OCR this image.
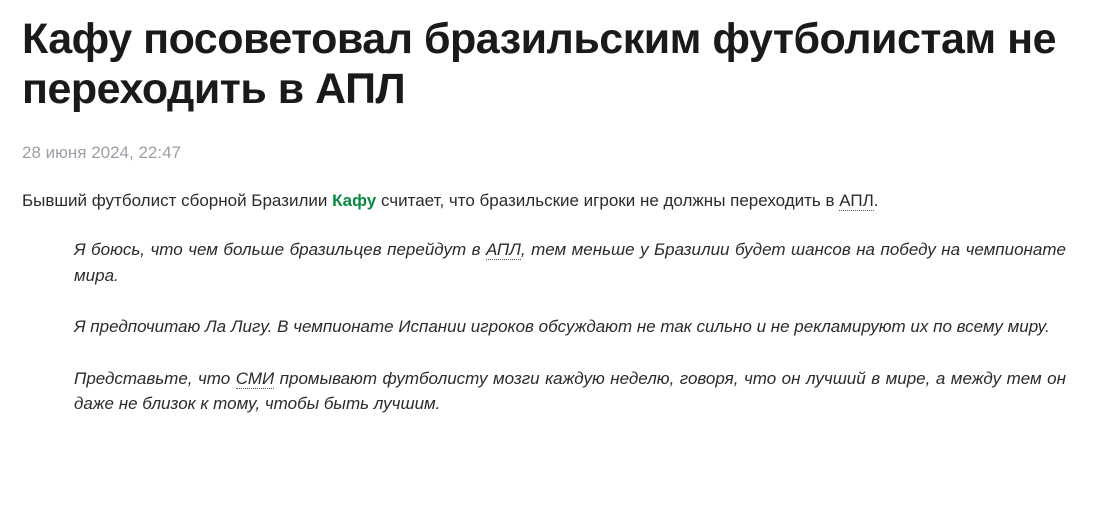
Кафу посоветовал бразильским футболистам не переходить в АПЛ
28 июня 2024, 22:47

Бывший футболист сборной Бразилии Кафу считает, что бразильские игроки не должны переходить в АПЛ.

Я боюсь, что чем больше бразильцев перейдут в АПЛ, тем меньше у Бразилии будет шансов на победу на чемпионате мира.

Я предпочитаю Ла Лигу. В чемпионате Испании игроков обсуждают не так сильно и не рекламируют их по всему миру.

Представьте, что СМИ промывают футболисту мозги каждую неделю, говоря, что он лучший в мире, а между тем он даже не близок к тому, чтобы быть лучшим.
